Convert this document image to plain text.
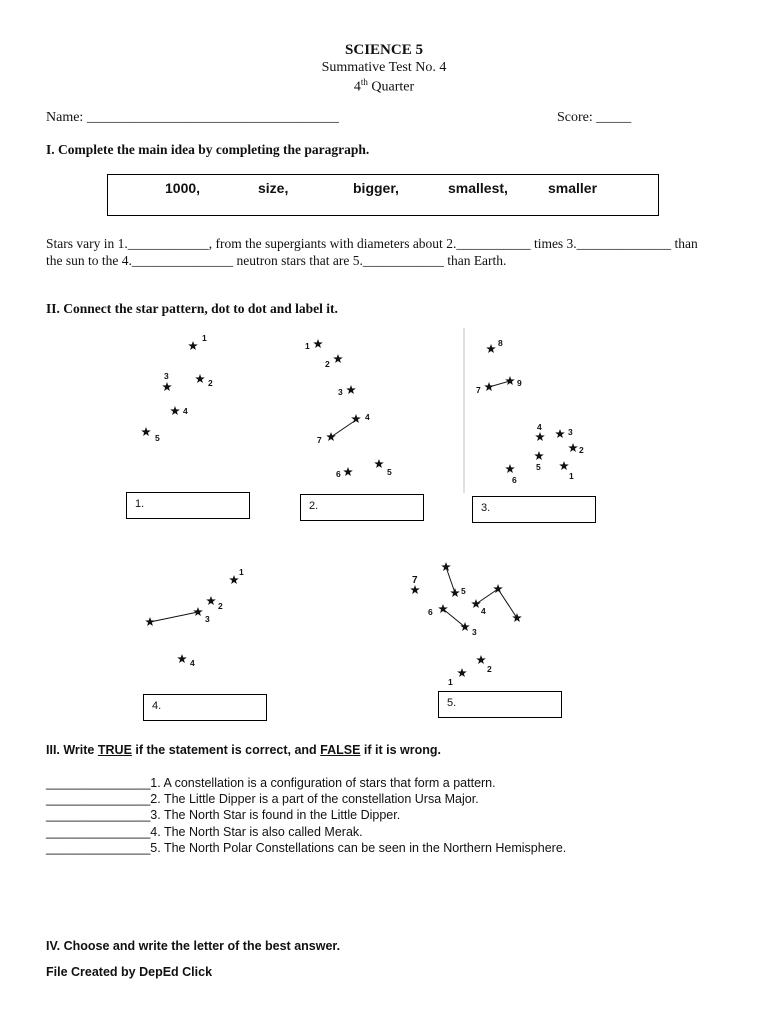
SCIENCE 5
Summative Test No. 4
4th Quarter
Name: ____________________________________	Score: _____
I. Complete the main idea by completing the paragraph.
1000,	size,	bigger,	smallest,	smaller
Stars vary in 1.____________, from the supergiants with diameters about 2.___________ times 3.______________ than
the sun to the 4._______________ neutron stars that are 5.____________ than Earth.
II. Connect the star pattern, dot to dot and label it.
1
2
3
4
5
1
2
3
4
5
6
7
8
7
9
4	3
2
5
6	1
1
2
3
4
7
5
6	4
3
2
1
1.	2.	3.
4.	5.
III. Write TRUE if the statement is correct, and FALSE if it is wrong.
_______________1. A constellation is a configuration of stars that form a pattern.
_______________2. The Little Dipper is a part of the constellation Ursa Major.
_______________3. The North Star is found in the Little Dipper.
_______________4. The North Star is also called Merak.
_______________5. The North Polar Constellations can be seen in the Northern Hemisphere.
IV. Choose and write the letter of the best answer.
File Created by DepEd Click
